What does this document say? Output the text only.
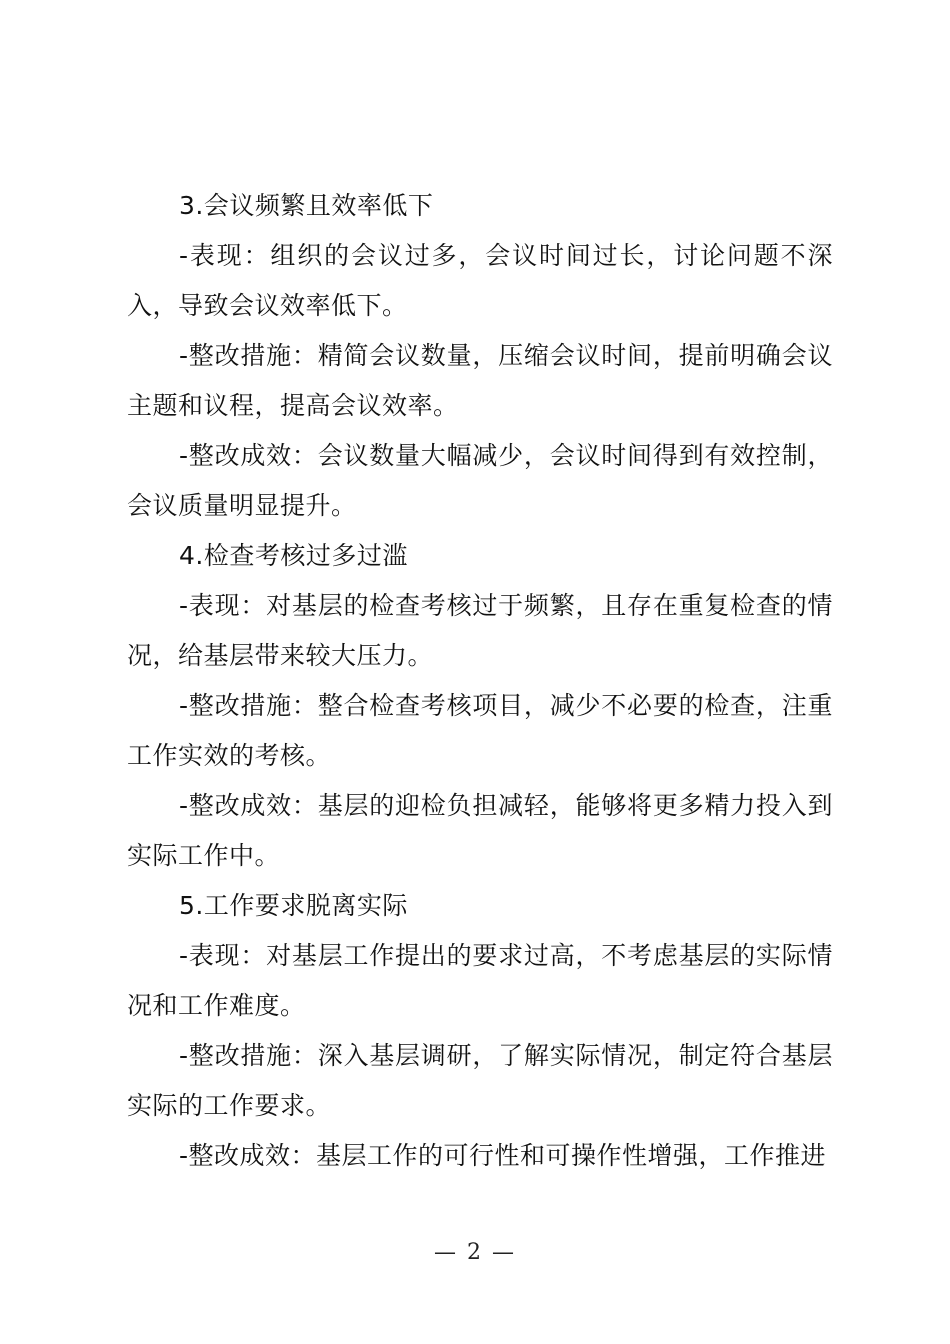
3.会议频繁且效率低下

-表现：组织的会议过多，会议时间过长，讨论问题不深入，导致会议效率低下。

-整改措施：精简会议数量，压缩会议时间，提前明确会议主题和议程，提高会议效率。

-整改成效：会议数量大幅减少，会议时间得到有效控制，会议质量明显提升。

4.检查考核过多过滥

-表现：对基层的检查考核过于频繁，且存在重复检查的情况，给基层带来较大压力。

-整改措施：整合检查考核项目，减少不必要的检查，注重工作实效的考核。

-整改成效：基层的迎检负担减轻，能够将更多精力投入到实际工作中。

5.工作要求脱离实际

-表现：对基层工作提出的要求过高，不考虑基层的实际情况和工作难度。

-整改措施：深入基层调研，了解实际情况，制定符合基层实际的工作要求。

-整改成效：基层工作的可行性和可操作性增强，工作推进

— 2 —
